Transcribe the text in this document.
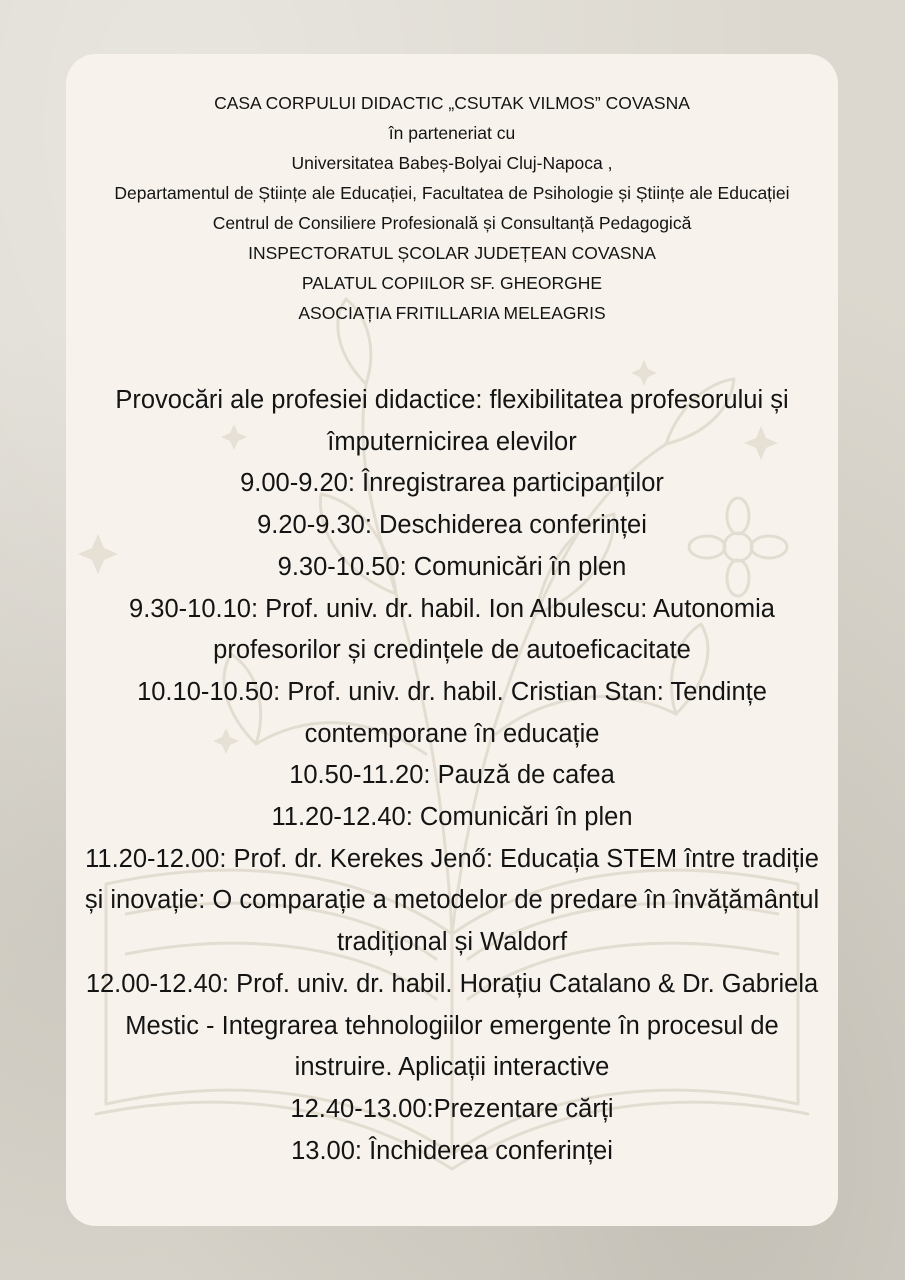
CASA CORPULUI DIDACTIC „CSUTAK VILMOS” COVASNA
în parteneriat cu
Universitatea Babeș-Bolyai Cluj-Napoca ,
Departamentul de Științe ale Educației, Facultatea de Psihologie și Științe ale Educației
Centrul de Consiliere Profesională și Consultanță Pedagogică
INSPECTORATUL ȘCOLAR JUDEȚEAN COVASNA
PALATUL COPIILOR SF. GHEORGHE
ASOCIAȚIA FRITILLARIA MELEAGRIS
Provocări ale profesiei didactice: flexibilitatea profesorului și împuternicirea elevilor
9.00-9.20: Înregistrarea participanților
9.20-9.30: Deschiderea conferinței
9.30-10.50: Comunicări în plen
9.30-10.10: Prof. univ. dr. habil. Ion Albulescu: Autonomia profesorilor și credințele de autoeficacitate
10.10-10.50: Prof. univ. dr. habil. Cristian Stan: Tendințe contemporane în educație
10.50-11.20: Pauză de cafea
11.20-12.40: Comunicări în plen
11.20-12.00: Prof. dr. Kerekes Jenő: Educația STEM între tradiție și inovație: O comparație a metodelor de predare în învățământul tradițional și Waldorf
12.00-12.40: Prof. univ. dr. habil. Horațiu Catalano & Dr. Gabriela Mestic - Integrarea tehnologiilor emergente în procesul de instruire. Aplicații interactive
12.40-13.00:Prezentare cărți
13.00: Închiderea conferinței
